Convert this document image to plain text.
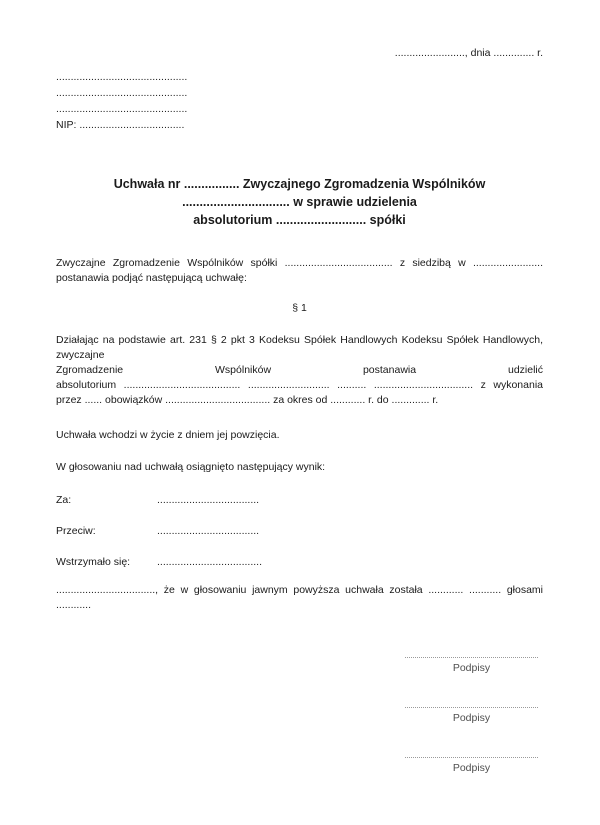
........................, dnia .............. r.
.............................................
.............................................
.............................................
NIP: ....................................
Uchwała nr ................ Zwyczajnego Zgromadzenia Wspólników
............................... w sprawie udzielenia
absolutorium .......................... spółki
Zwyczajne Zgromadzenie Wspólników spółki ..................................... z siedzibą w ........................
postanawia podjąć następującą uchwałę:
§ 1
Działając na podstawie art. 231 § 2 pkt 3 Kodeksu Spółek Handlowych Kodeksu Spółek Handlowych, zwyczajne
Zgromadzenie Wspólników postanawia udzielić
absolutorium ........................................ ............................ .......... .................................. z wykonania
przez ...... obowiązków .................................... za okres od ............ r. do ............. r.
Uchwała wchodzi w życie z dniem jej powzięcia.
W głosowaniu nad uchwałą osiągnięto następujący wynik:
Za:	...................................
Przeciw:	...................................
Wstrzymało się:	....................................
.................................., że w głosowaniu jawnym powyższa uchwała została ............ ........... głosami ............
Podpisy
Podpisy
Podpisy
